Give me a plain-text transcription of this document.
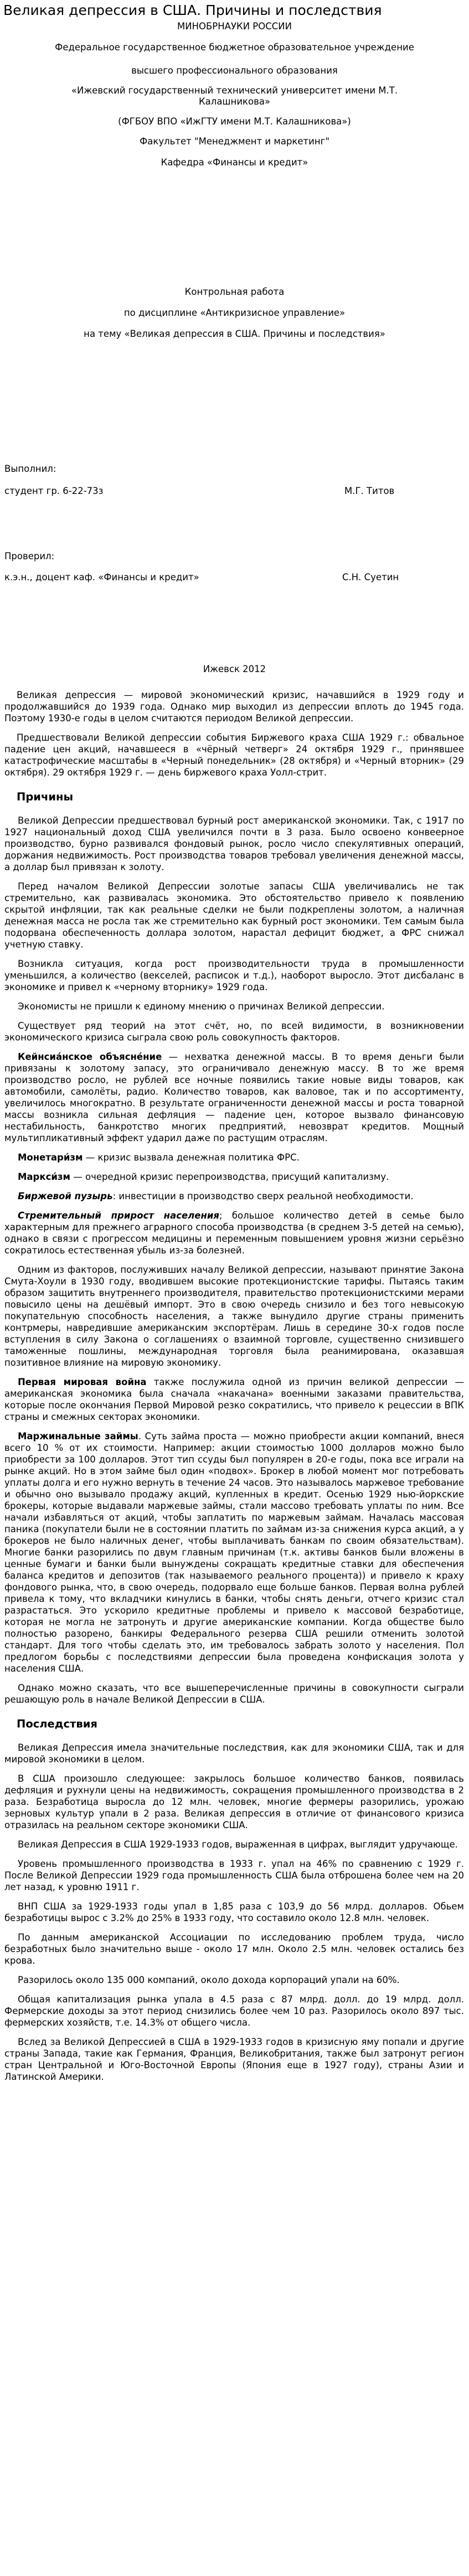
Великая депрессия в США. Причины и последствия
МИНОБРНАУКИ РОССИИ
Федеральное государственное бюджетное образовательное учреждение
высшего профессионального образования
«Ижевский государственный технический университет имени М.Т.
Калашникова»
(ФГБОУ ВПО «ИжГТУ имени М.Т. Калашникова»)
Факультет "Менеджмент и маркетинг"
Кафедра «Финансы и кредит»
Контрольная работа
по дисциплине «Антикризисное управление»
на тему «Великая депрессия в США. Причины и последствия»
Выполнил:
студент гр. 6-22-73з	М.Г. Титов
Проверил:
к.э.н., доцент каф. «Финансы и кредит»	С.Н. Суетин
Ижевск 2012

Великая депрессия — мировой экономический кризис, начавшийся в 1929 году и продолжавшийся до 1939 года. Однако мир выходил из депрессии вплоть до 1945 года. Поэтому 1930-е годы в целом считаются периодом Великой депрессии.

Предшествовали Великой депрессии события Биржевого краха США 1929 г.: обвальное падение цен акций, начавшееся в «чёрный четверг» 24 октября 1929 г., принявшее катастрофические масштабы в «Черный понедельник» (28 октября) и «Черный вторник» (29 октября). 29 октября 1929 г. — день биржевого краха Уолл-стрит.

Причины

Великой Депрессии предшествовал бурный рост американской экономики. Так, с 1917 по 1927 национальный доход США увеличился почти в 3 раза. Было освоено конвеерное производство, бурно развивался фондовый рынок, росло число спекулятивных операций, доржания недвижимость. Рост производства товаров требовал увеличения денежной массы, а доллар был привязан к золоту.

Перед началом Великой Депрессии золотые запасы США увеличивались не так стремительно, как развивалась экономика. Это обстоятельство привело к появлению скрытой инфляции, так как реальные сделки не были подкреплены золотом, а наличная денежная масса не росла так же стремительно как бурный рост экономики. Тем самым была подорвана обеспеченность доллара золотом, нарастал дефицит бюджет, а ФРС снижал учетную ставку.

Возникла ситуация, когда рост производительности труда в промышленности уменьшился, а количество (векселей, расписок и т.д.), наоборот выросло. Этот дисбаланс в экономике и привел к «черному вторнику» 1929 года.

Экономисты не пришли к единому мнению о причинах Великой депрессии.

Существует ряд теорий на этот счёт, но, по всей видимости, в возникновении экономического кризиса сыграла свою роль совокупность факторов.

Кейнсиа́нское объясне́ние — нехватка денежной массы. В то время деньги были привязаны к золотому запасу, это ограничивало денежную массу. В то же время производство росло, не рублей все ночные появились такие новые виды товаров, как автомобили, самолёты, радио. Количество товаров, как валовое, так и по ассортименту, увеличилось многократно. В результате ограниченности денежной массы и роста товарной массы возникла сильная дефляция — падение цен, которое вызвало финансовую нестабильность, банкротство многих предприятий, невозврат кредитов. Мощный мультипликативный эффект ударил даже по растущим отраслям.

Монетари́зм — кризис вызвала денежная политика ФРС.

Маркси́зм — очередной кризис перепроизводства, присущий капитализму.

Биржевой пузырь: инвестиции в производство сверх реальной необходимости.

Стремительный прирост населения; большое количество детей в семье было характерным для прежнего аграрного способа производства (в среднем 3-5 детей на семью), однако в связи с прогрессом медицины и переменным повышением уровня жизни серьёзно сократилось естественная убыль из-за болезней.

Одним из факторов, послуживших началу Великой депрессии, называют принятие Закона Смута-Хоули в 1930 году, вводившем высокие протекционистские тарифы. Пытаясь таким образом защитить внутреннего производителя, правительство протекционистскими мерами повысило цены на дешёвый импорт. Это в свою очередь снизило и без того невысокую покупательную способность населения, а также вынудило другие страны применить контрмеры, навредившие американским экспортёрам. Лишь в середине 30-х годов после вступления в силу Закона о соглашениях о взаимной торговле, существенно снизившего таможенные пошлины, международная торговля была реанимирована, оказавшая позитивное влияние на мировую экономику.

Первая мировая война также послужила одной из причин великой депрессии — американская экономика была сначала «накачана» военными заказами правительства, которые после окончания Первой Мировой резко сократились, что привело к рецессии в ВПК страны и смежных секторах экономики.

Маржинальные займы. Суть займа проста — можно приобрести акции компаний, внеся всего 10 % от их стоимости. Например: акции стоимостью 1000 долларов можно было приобрести за 100 долларов. Этот тип ссуды был популярен в 20-е годы, пока все играли на рынке акций. Но в этом займе был один «подвох». Брокер в любой момент мог потребовать уплаты долга и его нужно вернуть в течение 24 часов. Это называлось маржевое требование и обычно оно вызывало продажу акций, купленных в кредит. Осенью 1929 нью-йоркские брокеры, которые выдавали маржевые займы, стали массово требовать уплаты по ним. Все начали избавляться от акций, чтобы заплатить по маржевым займам. Началась массовая паника (покупатели были не в состоянии платить по займам из-за снижения курса акций, а у брокеров не было наличных денег, чтобы выплачивать банкам по своим обязательствам). Многие банки разорились по двум главным причинам (т.к. активы банков были вложены в ценные бумаги и банки были вынуждены сокращать кредитные ставки для обеспечения баланса кредитов и депозитов (так называемого реального процента)) и привело к краху фондового рынка, что, в свою очередь, подорвало еще больше банков. Первая волна рублей привела к тому, что вкладчики кинулись в банки, чтобы снять деньги, отчего кризис стал разрастаться. Это ускорило кредитные проблемы и привело к массовой безработице, которая не могла не затронуть и другие американские компании. Когда обществе было полностью разорено, банкиры Федерального резерва США решили отменить золотой стандарт. Для того чтобы сделать это, им требовалось забрать золото у населения. Пол предлогом борьбы с последствиями депрессии была проведена конфискация золота у населения США.

Однако можно сказать, что все вышеперечисленные причины в совокупности сыграли решающую роль в начале Великой Депрессии в США.

Последствия

Великая Депрессия имела значительные последствия, как для экономики США, так и для мировой экономики в целом.

В США произошло следующее: закрылось большое количество банков, появилась дефляция и рухнули цены на недвижимость, сокращения промышленного производства в 2 раза. Безработица выросла до 12 млн. человек, многие фермеры разорились, урожаю зерновых культур упали в 2 раза. Великая депрессия в отличие от финансового кризиса отразилась на реальном секторе экономики США.

Великая Депрессия в США 1929-1933 годов, выраженная в цифрах, выглядит удручающе.

Уровень промышленного производства в 1933 г. упал на 46% по сравнению с 1929 г. После Великой Депрессии 1929 года промышленность США была отброшена более чем на 20 лет назад, к уровню 1911 г.

ВНП США за 1929-1933 годы упал в 1,85 раза с 103,9 до 56 млрд. долларов. Обьем безработицы вырос с 3.2% до 25% в 1933 году, что составило около 12.8 млн. человек.

По данным американской Ассоциации по исследованию проблем труда, число безработных было значительно выше - около 17 млн. Около 2.5 млн. человек остались без крова.

Разорилось около 135 000 компаний, около дохода корпораций упали на 60%.

Общая капитализация рынка упала в 4.5 раза с 87 млрд. долл. до 19 млрд. долл. Фермерские доходы за этот период снизились более чем 10 раз. Разорилось около 897 тыс. фермерских хозяйств, т.е. 14.3% от общего числа.

Вслед за Великой Депрессией в США в 1929-1933 годов в кризисную яму попали и другие страны Запада, такие как Германия, Франция, Великобритания, также был затронут регион стран Центральной и Юго-Восточной Европы (Япония еще в 1927 году), страны Азии и Латинской Америки.
